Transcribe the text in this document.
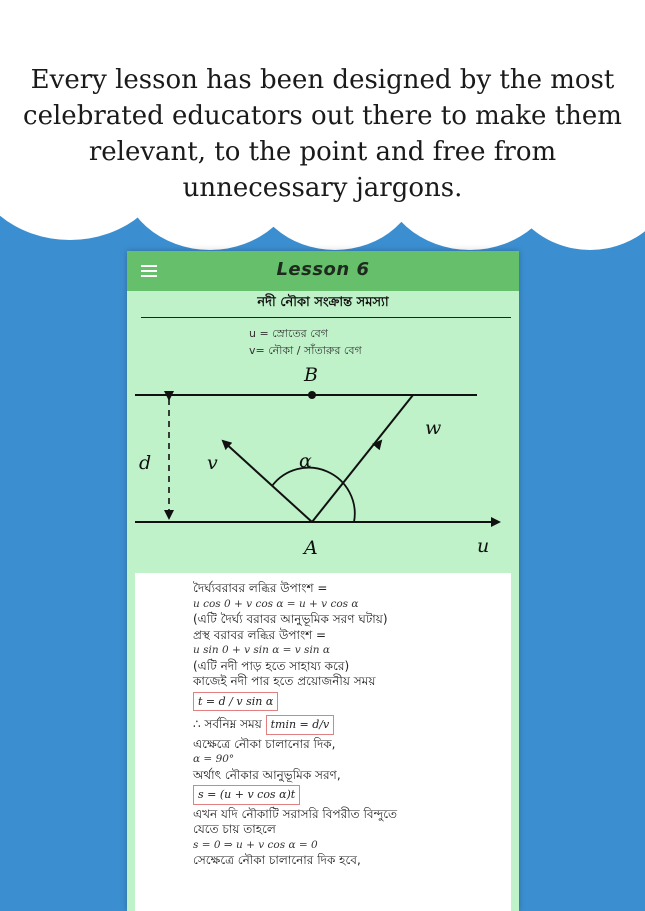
Every lesson has been designed by the most
celebrated educators out there to make them
relevant, to the point and free from
unnecessary jargons.
Lesson 6
নদী নৌকা সংক্রান্ত সমস্যা
u = স্রোতের বেগ
v= নৌকা / সাঁতারুর বেগ
B
A
d	v
w
α
u
দৈর্ঘ্যবরাবর লব্ধির উপাংশ =
u cos 0 + v cos α = u + v cos α
(এটি দৈর্ঘ্য বরাবর আনুভূমিক সরণ ঘটায়)
প্রস্থ বরাবর লব্ধির উপাংশ =
u sin 0 + v sin α = v sin α
(এটি নদী পাড় হতে সাহায্য করে)
কাজেই নদী পার হতে প্রয়োজনীয় সময়
t = d / v sin α
∴ সর্বনিম্ন সময় tmin = d/v
এক্ষেত্রে নৌকা চালানোর দিক,
α = 90°
অর্থাৎ নৌকার আনুভূমিক সরণ,
s = (u + v cos α)t
এখন যদি নৌকাটি সরাসরি বিপরীত বিন্দুতে
যেতে চায় তাহলে
s = 0 ⇒ u + v cos α = 0
সেক্ষেত্রে নৌকা চালানোর দিক হবে,
